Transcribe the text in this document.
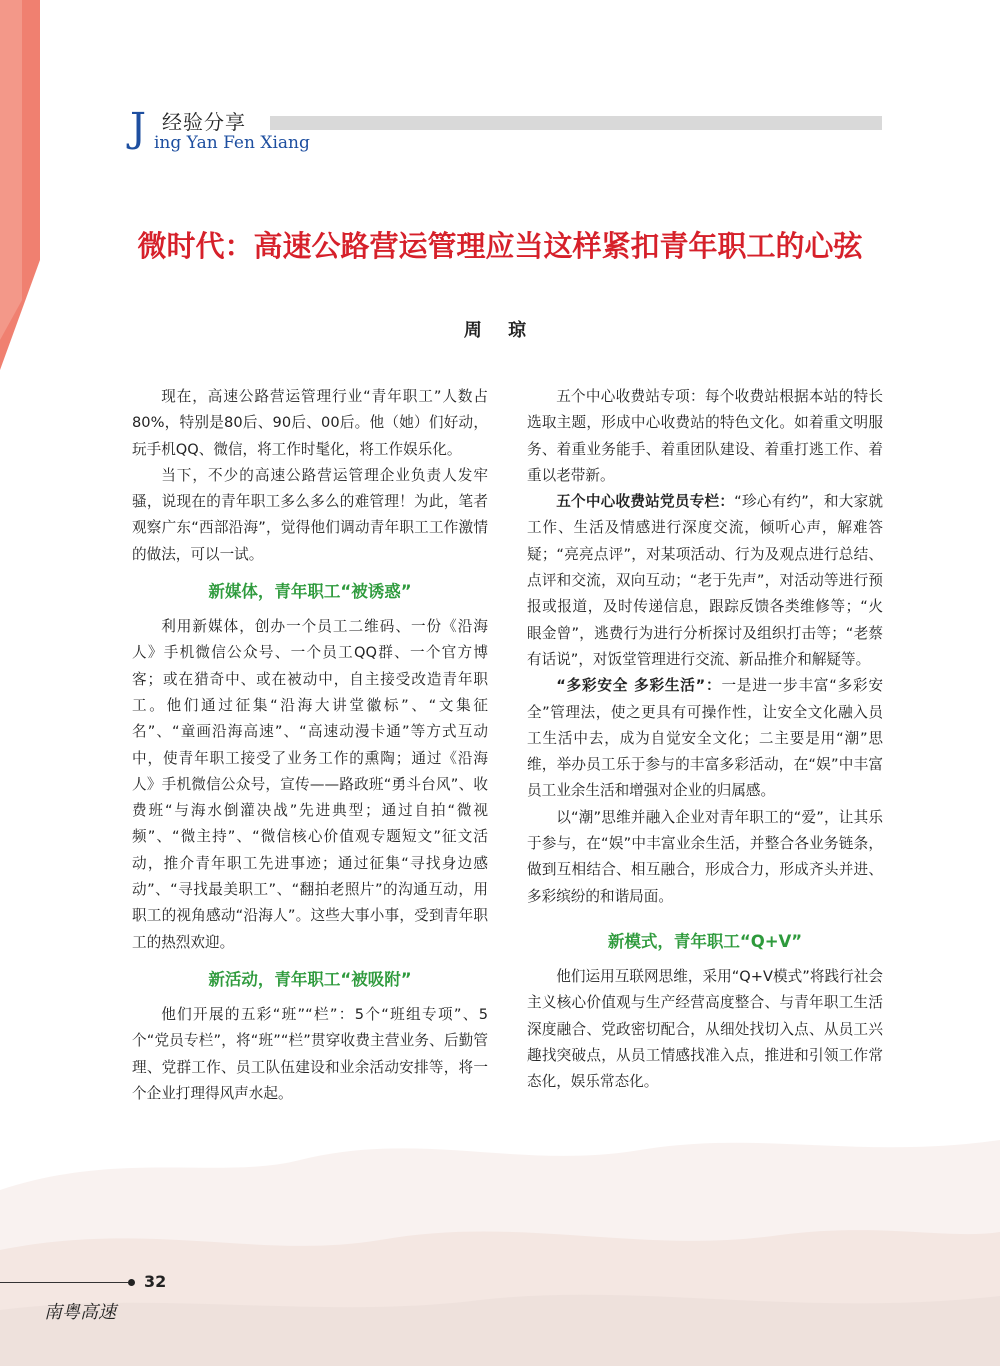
J 经验分享
ing Yan Fen Xiang
微时代：高速公路营运管理应当这样紧扣青年职工的心弦
周 琼

现在，高速公路营运管理行业“青年职工”人数占80%，特别是80后、90后、00后。他（她）们好动，玩手机QQ、微信，将工作时髦化，将工作娱乐化。

当下，不少的高速公路营运管理企业负责人发牢骚，说现在的青年职工多么多么的难管理！为此，笔者观察广东“西部沿海”，觉得他们调动青年职工工作激情的做法，可以一试。

新媒体，青年职工“被诱惑”

利用新媒体，创办一个员工二维码、一份《沿海人》手机微信公众号、一个员工QQ群、一个官方博客；或在猎奇中、或在被动中，自主接受改造青年职工。他们通过征集“沿海大讲堂徽标”、“文集征名”、“童画沿海高速”、“高速动漫卡通”等方式互动中，使青年职工接受了业务工作的熏陶；通过《沿海人》手机微信公众号，宣传——路政班“勇斗台风”、收费班“与海水倒灌决战”先进典型；通过自拍“微视频”、“微主持”、“微信核心价值观专题短文”征文活动，推介青年职工先进事迹；通过征集“寻找身边感动”、“寻找最美职工”、“翻拍老照片”的沟通互动，用职工的视角感动“沿海人”。这些大事小事，受到青年职工的热烈欢迎。

新活动，青年职工“被吸附”

他们开展的五彩“班”“栏”：5个“班组专项”、5个“党员专栏”，将“班”“栏”贯穿收费主营业务、后勤管理、党群工作、员工队伍建设和业余活动安排等，将一个企业打理得风声水起。

五个中心收费站专项：每个收费站根据本站的特长选取主题，形成中心收费站的特色文化。如着重文明服务、着重业务能手、着重团队建设、着重打逃工作、着重以老带新。

五个中心收费站党员专栏：“珍心有约”，和大家就工作、生活及情感进行深度交流，倾听心声，解难答疑；“亮亮点评”，对某项活动、行为及观点进行总结、点评和交流，双向互动；“老于先声”，对活动等进行预报或报道，及时传递信息，跟踪反馈各类维修等；“火眼金曾”，逃费行为进行分析探讨及组织打击等；“老蔡有话说”，对饭堂管理进行交流、新品推介和解疑等。

“多彩安全 多彩生活”：一是进一步丰富“多彩安全”管理法，使之更具有可操作性，让安全文化融入员工生活中去，成为自觉安全文化；二主要是用“潮”思维，举办员工乐于参与的丰富多彩活动，在“娱”中丰富员工业余生活和增强对企业的归属感。

以“潮”思维并融入企业对青年职工的“爱”，让其乐于参与，在“娱”中丰富业余生活，并整合各业务链条，做到互相结合、相互融合，形成合力，形成齐头并进、多彩缤纷的和谐局面。

新模式，青年职工“Q+V”

他们运用互联网思维，采用“Q+V模式”将践行社会主义核心价值观与生产经营高度整合、与青年职工生活深度融合、党政密切配合，从细处找切入点、从员工兴趣找突破点，从员工情感找准入点，推进和引领工作常态化，娱乐常态化。

32
南粤高速
